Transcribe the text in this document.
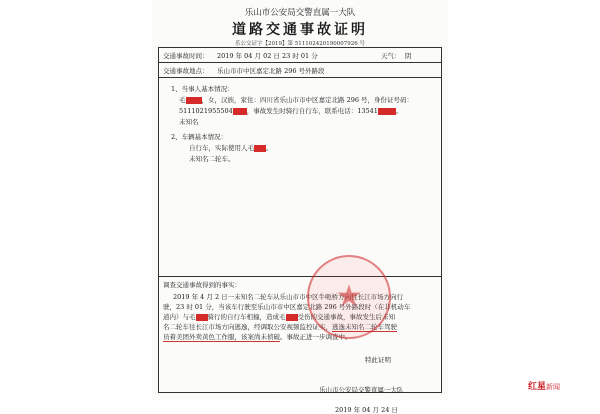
乐山市公安局交警直属一大队
道路交通事故证明
乐公交证字【2019】第 511102420190007926 号
交通事故时间： 2019 年 04 月 02 日 23 时 01 分	天气： 阴
交通事故地点： 乐山市市中区嘉定北路 296 号外路段
1、当事人基本情况：
毛 ，女，汉族，家住：四川省乐山市市中区嘉定北路 296 号，身份证号码：
5111021955504 ，事故发生时骑行自行车，联系电话：13541	。
未知名
2、车辆基本情况：
自行车，实际使用人毛 。
未知名二轮车。
调查交通事故得到的事实：
2019 年 4 月 2 日一未知名二轮车从乐山市市中区牛呃桥方向往长江市场方向行
驶，23 时 01 分，当该车行驶至乐山市市中区嘉定北路 296 号外路段时（在非机动车
道内）与毛 骑行的自行车相撞，造成毛 受伤的交通事故，事故发生后未知
名二轮车往长江市场方向逃逸，经调取公安视频监控证实，逃逸未知名二轮车驾驶
员着美团外卖黄色工作服，该案尚未侦破。事故正进一步调查中。
特此证明
乐山市公安局交警直属一大队
2019 年 04 月 24 日
★
红星新闻
